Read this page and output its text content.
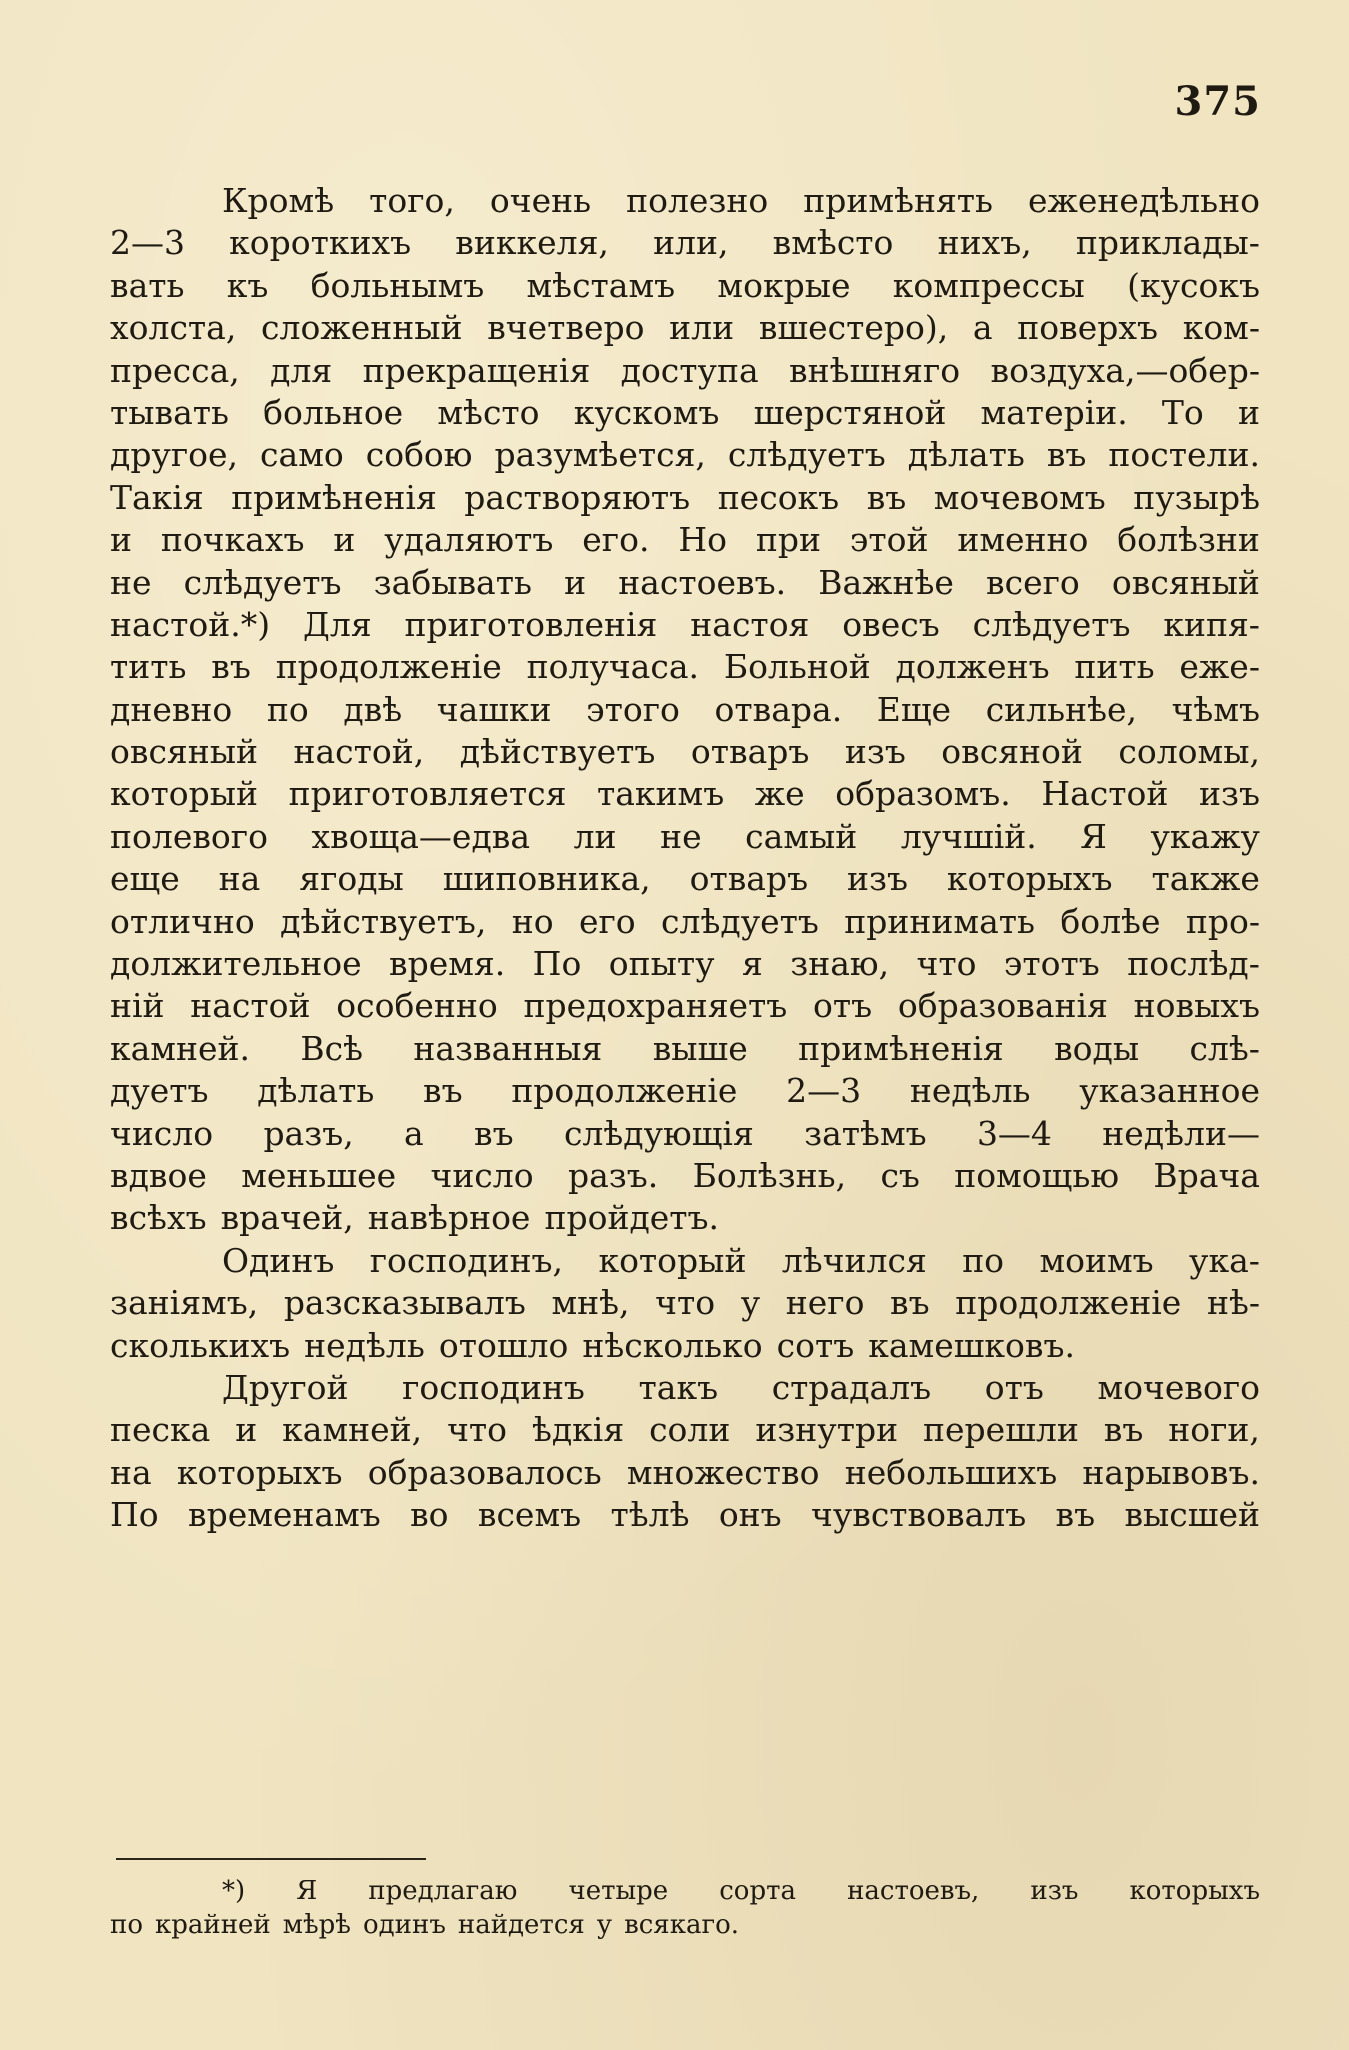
375
Кромѣ того, очень полезно примѣнять еженедѣльно
2—3 короткихъ виккеля, или, вмѣсто нихъ, приклады-
вать къ больнымъ мѣстамъ мокрые компрессы (кусокъ
холста, сложенный вчетверо или вшестеро), а поверхъ ком-
пресса, для прекращенія доступа внѣшняго воздуха,—обер-
тывать больное мѣсто кускомъ шерстяной матеріи. То и
другое, само собою разумѣется, слѣдуетъ дѣлать въ постели.
Такія примѣненія растворяютъ песокъ въ мочевомъ пузырѣ
и почкахъ и удаляютъ его. Но при этой именно болѣзни
не слѣдуетъ забывать и настоевъ. Важнѣе всего овсяный
настой.*) Для приготовленія настоя овесъ слѣдуетъ кипя-
тить въ продолженіе получаса. Больной долженъ пить еже-
дневно по двѣ чашки этого отвара. Еще сильнѣе, чѣмъ
овсяный настой, дѣйствуетъ отваръ изъ овсяной соломы,
который приготовляется такимъ же образомъ. Настой изъ
полевого хвоща—едва ли не самый лучшій. Я укажу
еще на ягоды шиповника, отваръ изъ которыхъ также
отлично дѣйствуетъ, но его слѣдуетъ принимать болѣе про-
должительное время. По опыту я знаю, что этотъ послѣд-
ній настой особенно предохраняетъ отъ образованія новыхъ
камней. Всѣ названныя выше примѣненія воды слѣ-
дуетъ дѣлать въ продолженіе 2—3 недѣль указанное
число разъ, а въ слѣдующія затѣмъ 3—4 недѣли—
вдвое меньшее число разъ. Болѣзнь, съ помощью Врача
всѣхъ врачей, навѣрное пройдетъ.
Одинъ господинъ, который лѣчился по моимъ ука-
заніямъ, разсказывалъ мнѣ, что у него въ продолженіе нѣ-
сколькихъ недѣль отошло нѣсколько сотъ камешковъ.
Другой господинъ такъ страдалъ отъ мочевого
песка и камней, что ѣдкія соли изнутри перешли въ ноги,
на которыхъ образовалось множество небольшихъ нарывовъ.
По временамъ во всемъ тѣлѣ онъ чувствовалъ въ высшей
*) Я предлагаю четыре сорта настоевъ, изъ которыхъ
по крайней мѣрѣ одинъ найдется у всякаго.
